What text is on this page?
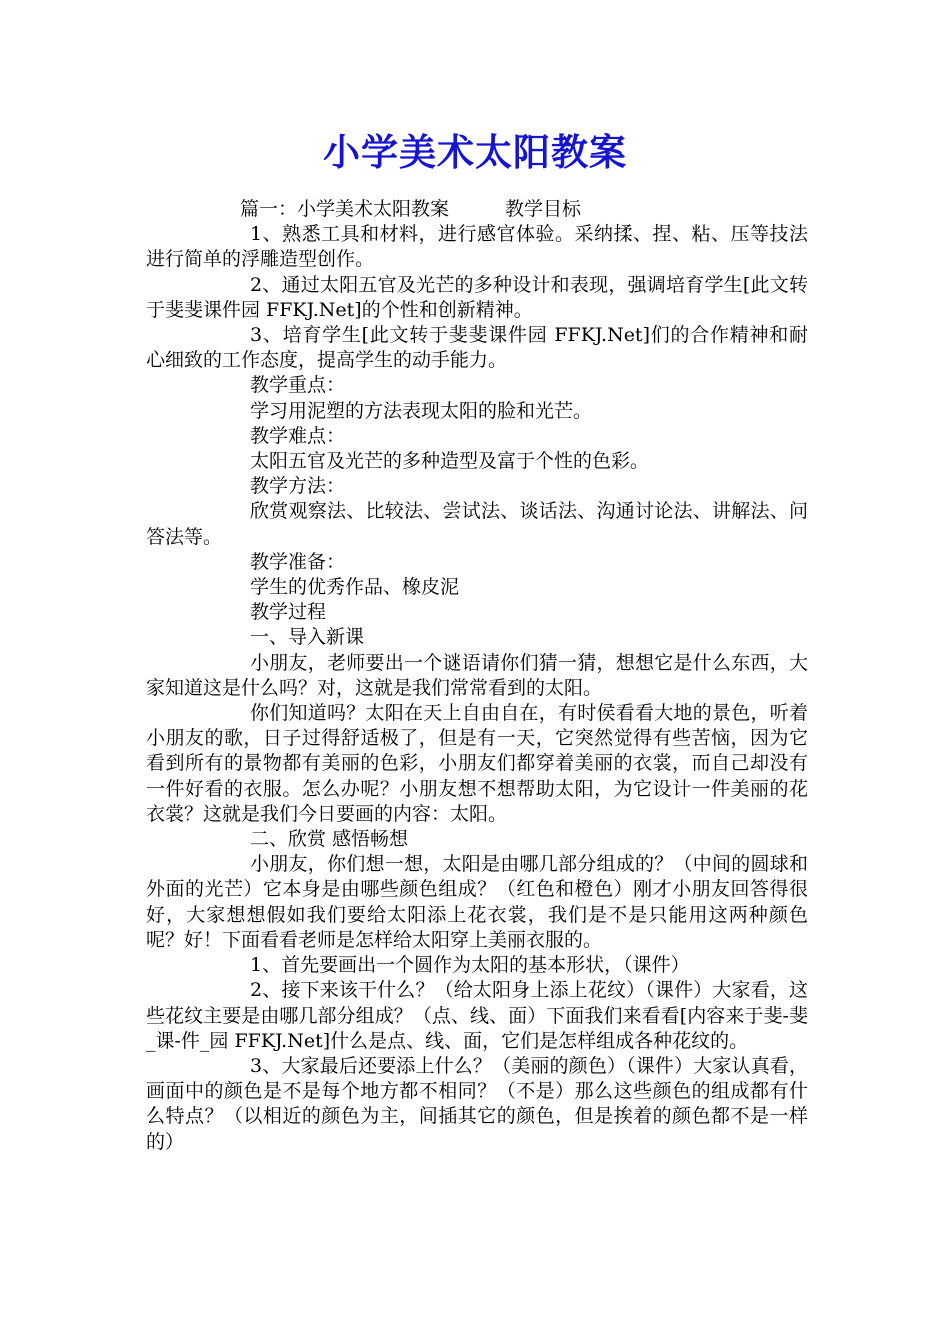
小学美术太阳教案

篇一：小学美术太阳教案	教学目标

1、熟悉工具和材料，进行感官体验。采纳揉、捏、粘、压等技法进行简单的浮雕造型创作。

2、通过太阳五官及光芒的多种设计和表现，强调培育学生[此文转于斐斐课件园 FFKJ.Net]的个性和创新精神。

3、培育学生[此文转于斐斐课件园 FFKJ.Net]们的合作精神和耐心细致的工作态度，提高学生的动手能力。

教学重点：

学习用泥塑的方法表现太阳的脸和光芒。

教学难点：

太阳五官及光芒的多种造型及富于个性的色彩。

教学方法：

欣赏观察法、比较法、尝试法、谈话法、沟通讨论法、讲解法、问答法等。

教学准备：

学生的优秀作品、橡皮泥

教学过程

一、导入新课

小朋友，老师要出一个谜语请你们猜一猜，想想它是什么东西，大家知道这是什么吗？对，这就是我们常常看到的太阳。

你们知道吗？太阳在天上自由自在，有时侯看看大地的景色，听着小朋友的歌，日子过得舒适极了，但是有一天，它突然觉得有些苦恼，因为它看到所有的景物都有美丽的色彩，小朋友们都穿着美丽的衣裳，而自己却没有一件好看的衣服。怎么办呢？小朋友想不想帮助太阳，为它设计一件美丽的花衣裳？这就是我们今日要画的内容：太阳。

二、欣赏 感悟畅想

小朋友，你们想一想，太阳是由哪几部分组成的？（中间的圆球和外面的光芒）它本身是由哪些颜色组成？（红色和橙色）刚才小朋友回答得很好，大家想想假如我们要给太阳添上花衣裳，我们是不是只能用这两种颜色呢？好！下面看看老师是怎样给太阳穿上美丽衣服的。

1、首先要画出一个圆作为太阳的基本形状，（课件）

2、接下来该干什么？（给太阳身上添上花纹）（课件）大家看，这些花纹主要是由哪几部分组成？（点、线、面）下面我们来看看[内容来于斐-斐_课-件_园 FFKJ.Net]什么是点、线、面，它们是怎样组成各种花纹的。

3、大家最后还要添上什么？（美丽的颜色）（课件）大家认真看，画面中的颜色是不是每个地方都不相同？（不是）那么这些颜色的组成都有什么特点？（以相近的颜色为主，间插其它的颜色，但是挨着的颜色都不是一样的）
